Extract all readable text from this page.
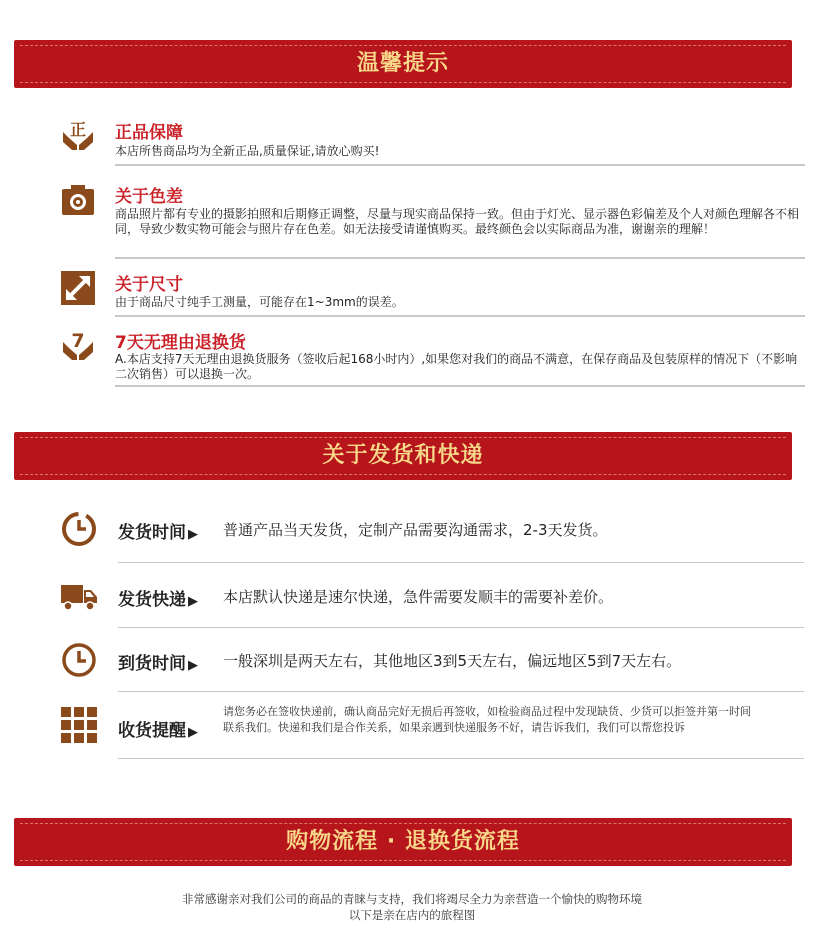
温馨提示
正 正品保障
本店所售商品均为全新正品,质量保证,请放心购买!
关于色差
商品照片都有专业的摄影拍照和后期修正调整，尽量与现实商品保持一致。但由于灯光、显示器色彩偏差及个人对颜色理解各不相同，导致少数实物可能会与照片存在色差。如无法接受请谨慎购买。最终颜色会以实际商品为准，谢谢亲的理解！
关于尺寸
由于商品尺寸纯手工测量，可能存在1~3mm的误差。
7 7天无理由退换货
A.本店支持7天无理由退换货服务（签收后起168小时内）,如果您对我们的商品不满意，在保存商品及包装原样的情况下（不影响二次销售）可以退换一次。
关于发货和快递
发货时间 ▶ 普通产品当天发货，定制产品需要沟通需求，2-3天发货。
发货快递 ▶ 本店默认快递是速尔快递，急件需要发顺丰的需要补差价。
到货时间 ▶ 一般深圳是两天左右，其他地区3到5天左右，偏远地区5到7天左右。
收货提醒 ▶
请您务必在签收快递前，确认商品完好无损后再签收，如检验商品过程中发现缺货、少货可以拒签并第一时间联系我们。快递和我们是合作关系，如果亲遇到快递服务不好，请告诉我们，我们可以帮您投诉
购物流程 · 退换货流程
非常感谢亲对我们公司的商品的青睐与支持，我们将竭尽全力为亲营造一个愉快的购物环境
以下是亲在店内的旅程图
